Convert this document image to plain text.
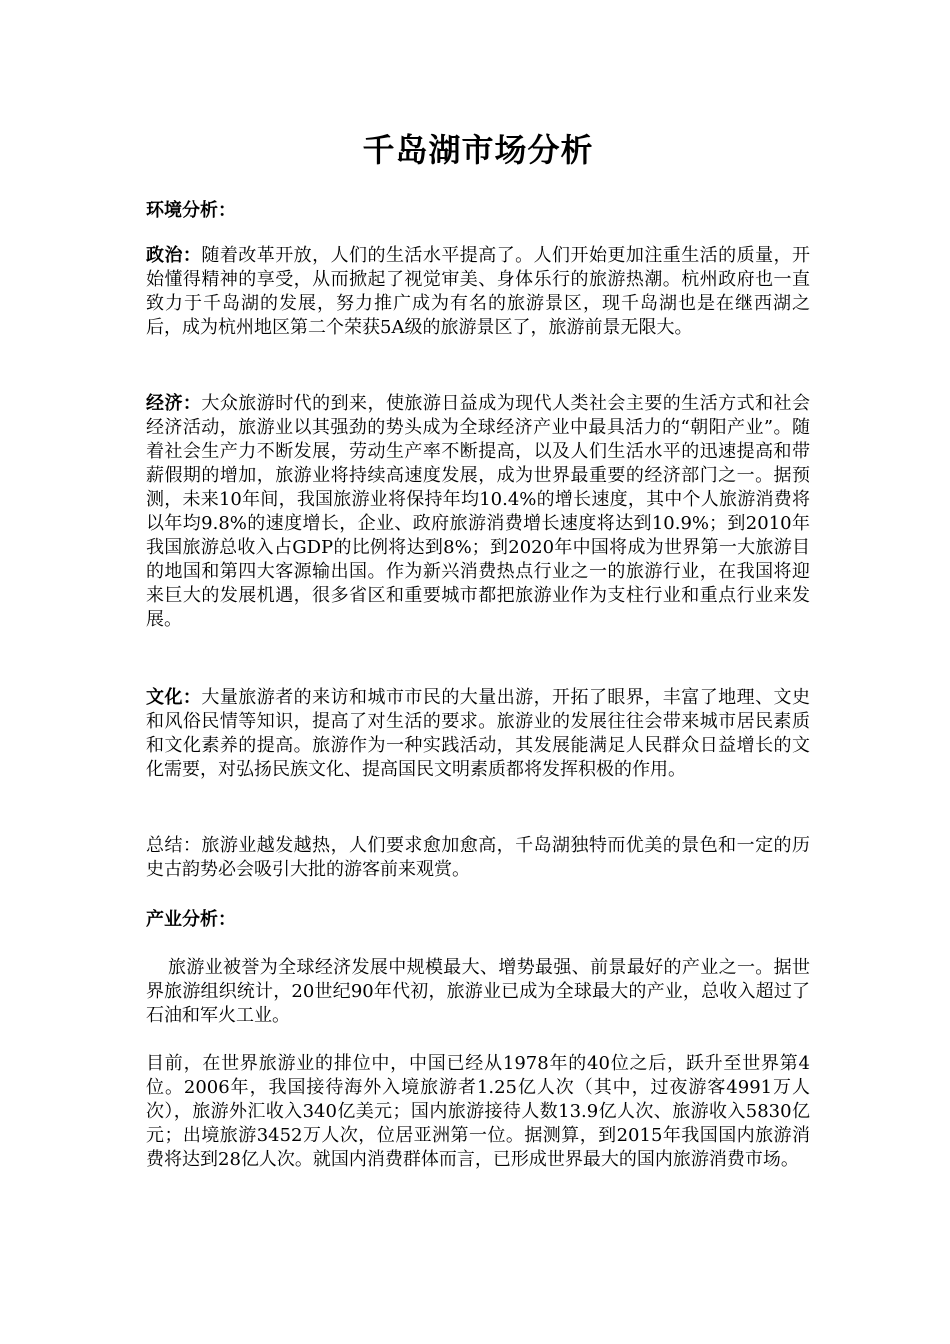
千岛湖市场分析
环境分析：

政治：随着改革开放，人们的生活水平提高了。人们开始更加注重生活的质量，开始懂得精神的享受，从而掀起了视觉审美、身体乐行的旅游热潮。杭州政府也一直致力于千岛湖的发展，努力推广成为有名的旅游景区，现千岛湖也是在继西湖之后，成为杭州地区第二个荣获5A级的旅游景区了，旅游前景无限大。

经济：大众旅游时代的到来，使旅游日益成为现代人类社会主要的生活方式和社会经济活动，旅游业以其强劲的势头成为全球经济产业中最具活力的“朝阳产业”。随着社会生产力不断发展，劳动生产率不断提高，以及人们生活水平的迅速提高和带薪假期的增加，旅游业将持续高速度发展，成为世界最重要的经济部门之一。据预测，未来10年间，我国旅游业将保持年均10.4%的增长速度，其中个人旅游消费将以年均9.8%的速度增长，企业、政府旅游消费增长速度将达到10.9%；到2010年我国旅游总收入占GDP的比例将达到8%；到2020年中国将成为世界第一大旅游目的地国和第四大客源输出国。作为新兴消费热点行业之一的旅游行业，在我国将迎来巨大的发展机遇，很多省区和重要城市都把旅游业作为支柱行业和重点行业来发展。

文化：大量旅游者的来访和城市市民的大量出游，开拓了眼界，丰富了地理、文史和风俗民情等知识，提高了对生活的要求。旅游业的发展往往会带来城市居民素质和文化素养的提高。旅游作为一种实践活动，其发展能满足人民群众日益增长的文化需要，对弘扬民族文化、提高国民文明素质都将发挥积极的作用。

总结：旅游业越发越热，人们要求愈加愈高，千岛湖独特而优美的景色和一定的历史古韵势必会吸引大批的游客前来观赏。

产业分析：

旅游业被誉为全球经济发展中规模最大、增势最强、前景最好的产业之一。据世界旅游组织统计，20世纪90年代初，旅游业已成为全球最大的产业，总收入超过了石油和军火工业。

目前，在世界旅游业的排位中，中国已经从1978年的40位之后，跃升至世界第4位。2006年，我国接待海外入境旅游者1.25亿人次（其中，过夜游客4991万人次），旅游外汇收入340亿美元；国内旅游接待人数13.9亿人次、旅游收入5830亿元；出境旅游3452万人次，位居亚洲第一位。据测算，到2015年我国国内旅游消费将达到28亿人次。就国内消费群体而言，已形成世界最大的国内旅游消费市场。
